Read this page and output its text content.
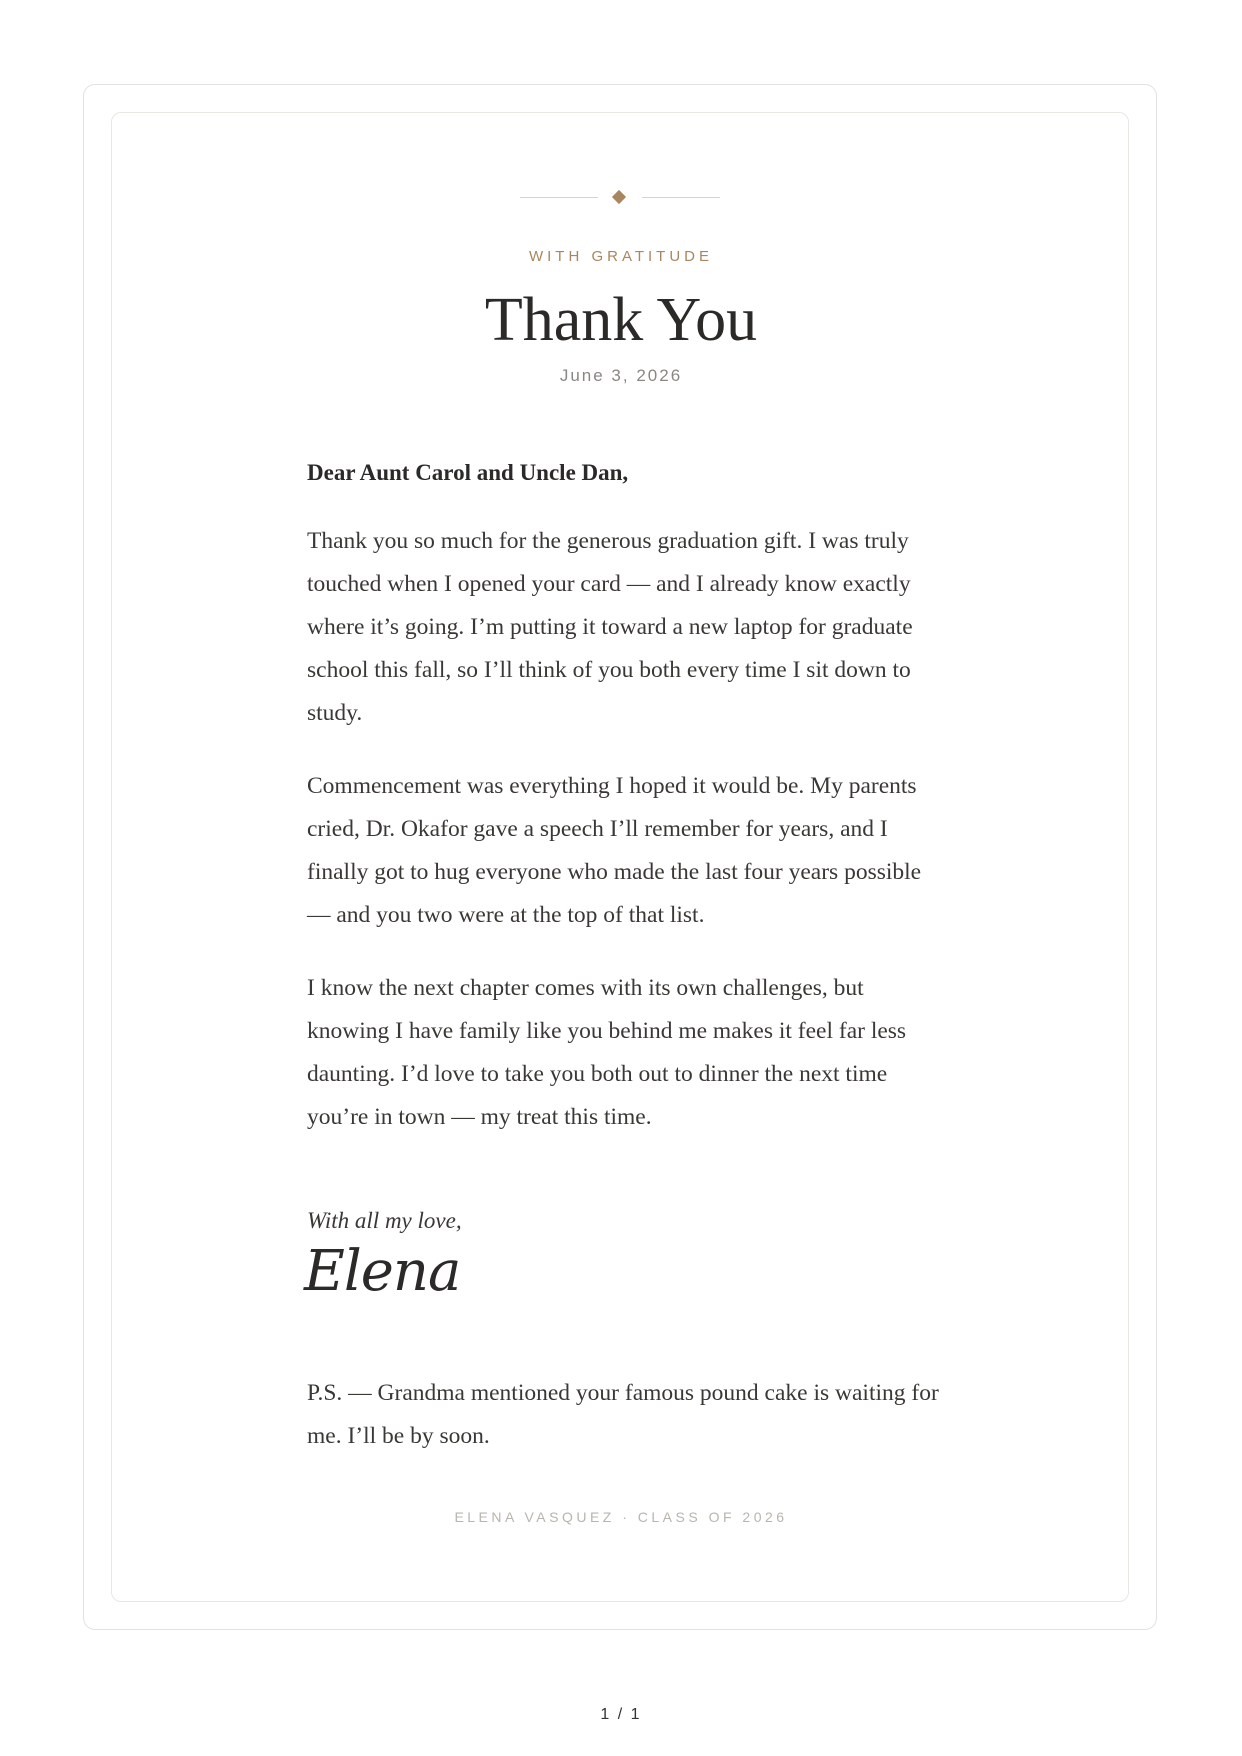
WITH GRATITUDE
Thank You
June 3, 2026
Dear Aunt Carol and Uncle Dan,

Thank you so much for the generous graduation gift. I was truly touched when I opened your card — and I already know exactly where it’s going. I’m putting it toward a new laptop for graduate school this fall, so I’ll think of you both every time I sit down to study.

Commencement was everything I hoped it would be. My parents cried, Dr. Okafor gave a speech I’ll remember for years, and I finally got to hug everyone who made the last four years possible — and you two were at the top of that list.

I know the next chapter comes with its own challenges, but knowing I have family like you behind me makes it feel far less daunting. I’d love to take you both out to dinner the next time you’re in town — my treat this time.

With all my love,
Elena

P.S. — Grandma mentioned your famous pound cake is waiting for me. I’ll be by soon.

ELENA VASQUEZ · CLASS OF 2026
1 / 1
